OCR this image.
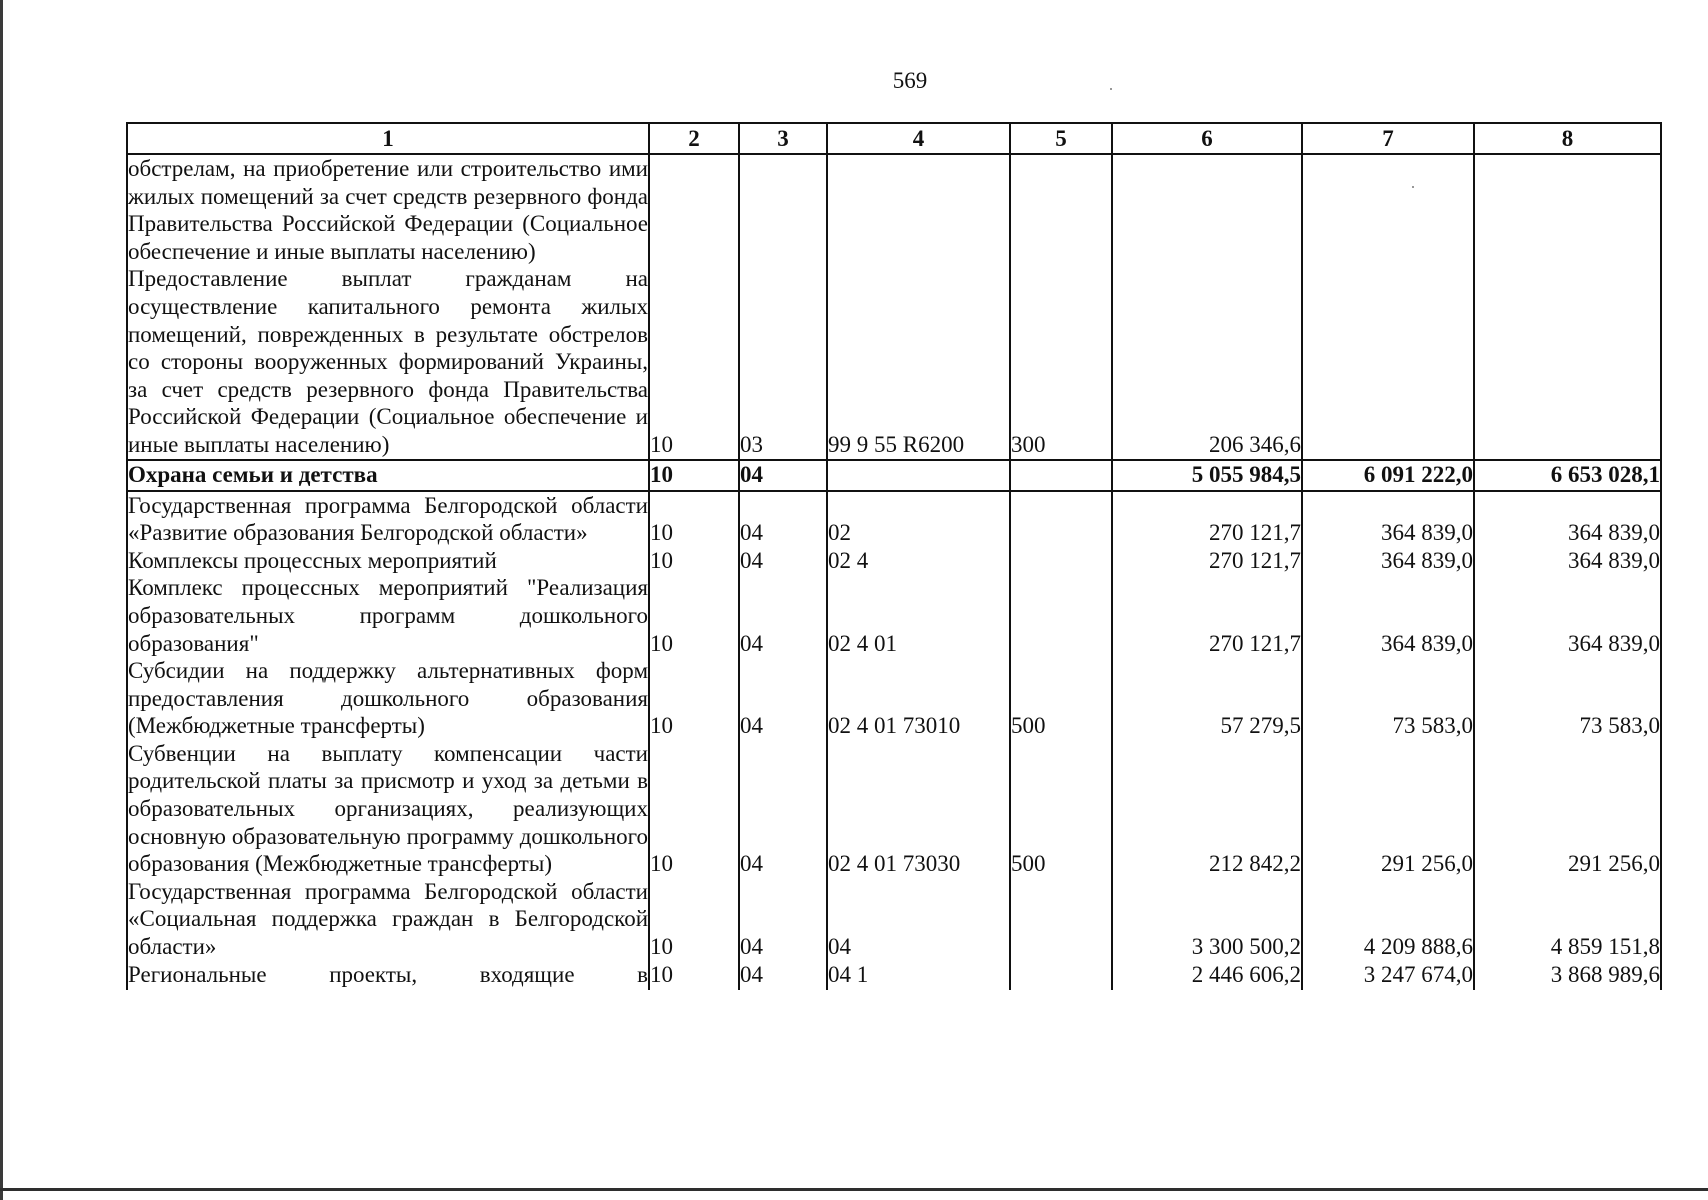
569
1	2	3	4	5	6	7	8
обстрелам, на приобретение или строительство ими жилых помещений за счет средств резервного фонда Правительства Российской Федерации (Социальное обеспечение и иные выплаты населению)							
Предоставление выплат гражданам на осуществление капитального ремонта жилых помещений, поврежденных в результате обстрелов со стороны вооруженных формирований Украины, за счет средств резервного фонда Правительства Российской Федерации (Социальное обеспечение и иные выплаты населению)	10	03	99 9 55 R6200	300	206 346,6		
Охрана семьи и детства	10	04			5 055 984,5	6 091 222,0	6 653 028,1
Государственная программа Белгородской области «Развитие образования Белгородской области»	10	04	02		270 121,7	364 839,0	364 839,0
Комплексы процессных мероприятий	10	04	02 4		270 121,7	364 839,0	364 839,0
Комплекс процессных мероприятий "Реализация образовательных программ дошкольного образования"	10	04	02 4 01		270 121,7	364 839,0	364 839,0
Субсидии на поддержку альтернативных форм предоставления дошкольного образования (Межбюджетные трансферты)	10	04	02 4 01 73010	500	57 279,5	73 583,0	73 583,0
Субвенции на выплату компенсации части родительской платы за присмотр и уход за детьми в образовательных организациях, реализующих основную образовательную программу дошкольного образования (Межбюджетные трансферты)	10	04	02 4 01 73030	500	212 842,2	291 256,0	291 256,0
Государственная программа Белгородской области «Социальная поддержка граждан в Белгородской области»	10	04	04		3 300 500,2	4 209 888,6	4 859 151,8
Региональные проекты, входящие в	10	04	04 1		2 446 606,2	3 247 674,0	3 868 989,6
